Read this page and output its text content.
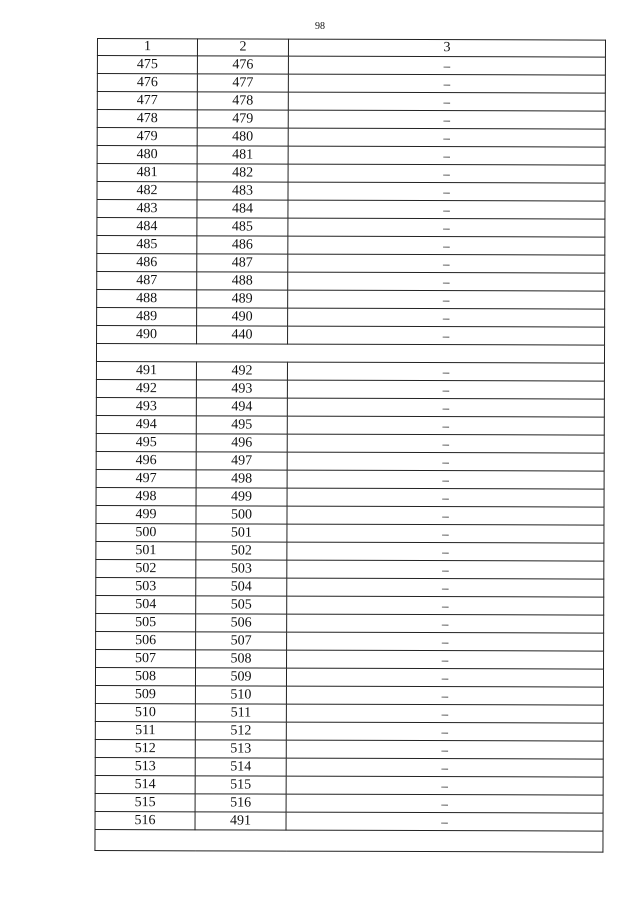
98
1	2	3
475	476	–
476	477	–
477	478	–
478	479	–
479	480	–
480	481	–
481	482	–
482	483	–
483	484	–
484	485	–
485	486	–
486	487	–
487	488	–
488	489	–
489	490	–
490	440	–

491	492	–
492	493	–
493	494	–
494	495	–
495	496	–
496	497	–
497	498	–
498	499	–
499	500	–
500	501	–
501	502	–
502	503	–
503	504	–
504	505	–
505	506	–
506	507	–
507	508	–
508	509	–
509	510	–
510	511	–
511	512	–
512	513	–
513	514	–
514	515	–
515	516	–
516	491	–
